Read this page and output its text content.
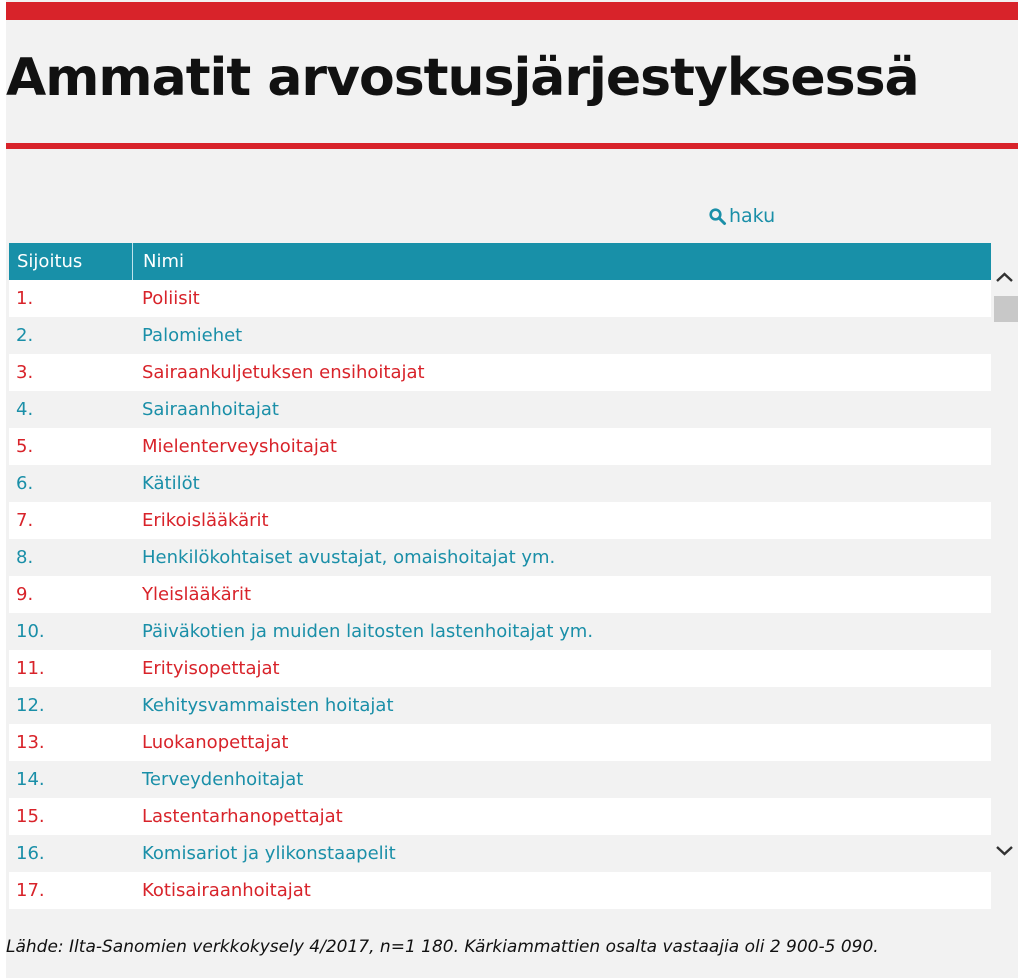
Ammatit arvostusjärjestyksessä
haku
Sijoitus	Nimi
1.	Poliisit
2.	Palomiehet
3.	Sairaankuljetuksen ensihoitajat
4.	Sairaanhoitajat
5.	Mielenterveyshoitajat
6.	Kätilöt
7.	Erikoislääkärit
8.	Henkilökohtaiset avustajat, omaishoitajat ym.
9.	Yleislääkärit
10.	Päiväkotien ja muiden laitosten lastenhoitajat ym.
11.	Erityisopettajat
12.	Kehitysvammaisten hoitajat
13.	Luokanopettajat
14.	Terveydenhoitajat
15.	Lastentarhanopettajat
16.	Komisariot ja ylikonstaapelit
17.	Kotisairaanhoitajat
Lähde: Ilta-Sanomien verkkokysely 4/2017, n=1 180. Kärkiammattien osalta vastaajia oli 2 900-5 090.
